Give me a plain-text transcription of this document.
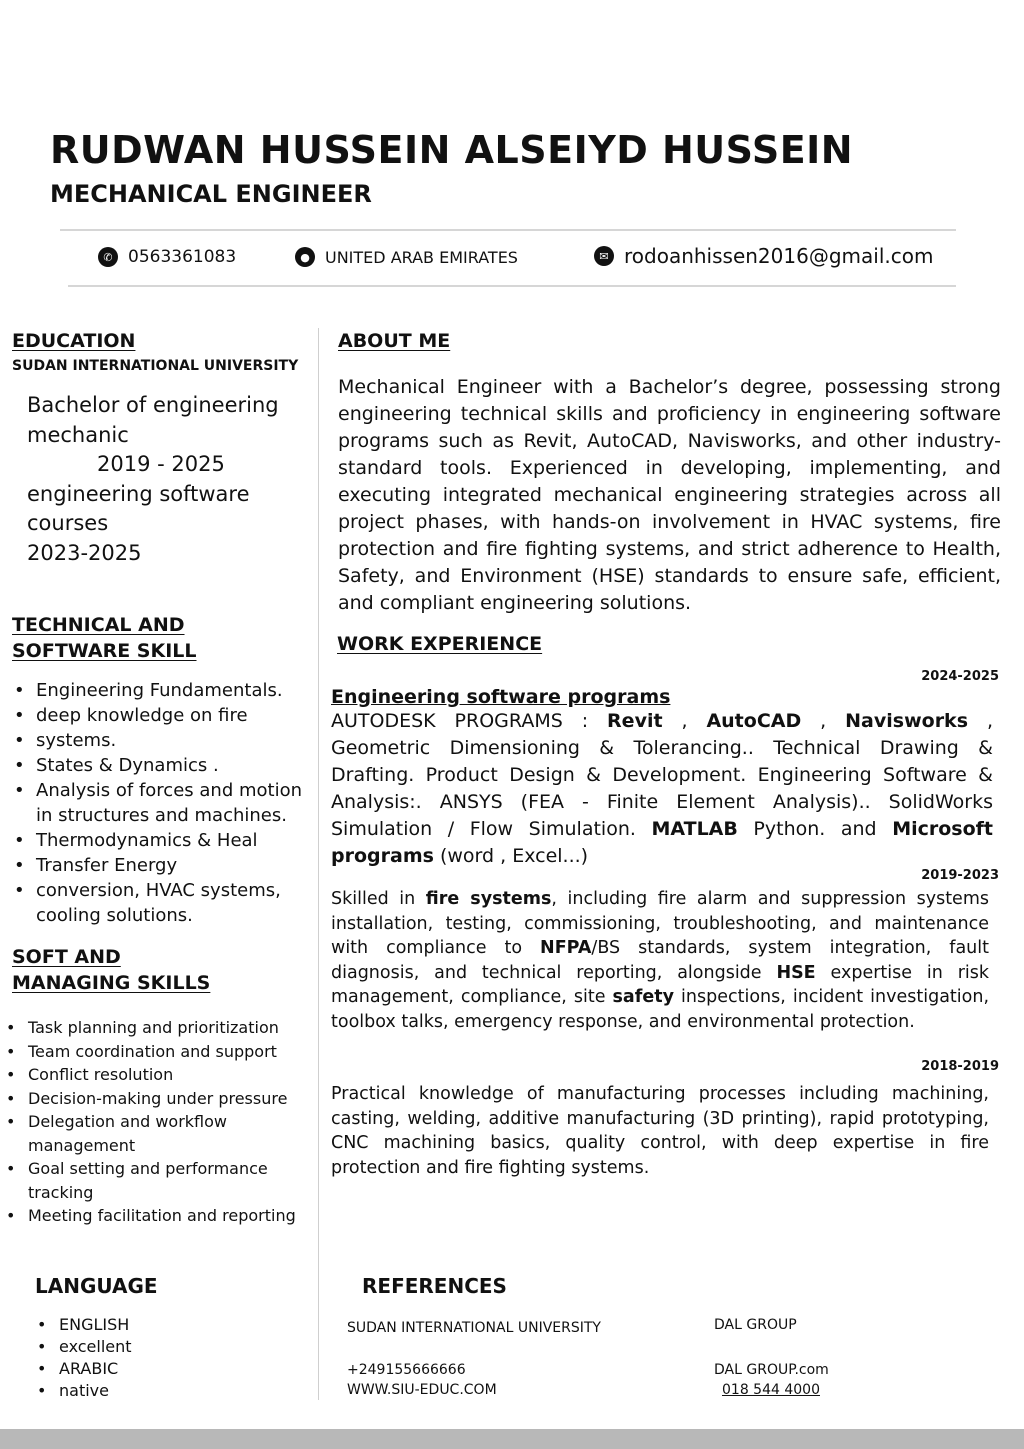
RUDWAN HUSSEIN ALSEIYD HUSSEIN
MECHANICAL ENGINEER
✆ 0563361083	● UNITED ARAB EMIRATES	✉ rodoanhissen2016@gmail.com
EDUCATION
SUDAN INTERNATIONAL UNIVERSITY
Bachelor of engineering
mechanic
2019 - 2025
engineering software
courses
2023-2025
TECHNICAL AND
SOFTWARE SKILL
• Engineering Fundamentals.
• deep knowledge on fire
• systems.
• States & Dynamics .
• Analysis of forces and motion in structures and machines.
• Thermodynamics & Heal
• Transfer Energy
• conversion, HVAC systems, cooling solutions.
SOFT AND
MANAGING SKILLS
• Task planning and prioritization
• Team coordination and support
• Conflict resolution
• Decision-making under pressure
• Delegation and workflow management
• Goal setting and performance tracking
• Meeting facilitation and reporting
LANGUAGE
• ENGLISH
• excellent
• ARABIC
• native
ABOUT ME
Mechanical Engineer with a Bachelor’s degree, possessing strong engineering technical skills and proficiency in engineering software programs such as Revit, AutoCAD, Navisworks, and other industry-standard tools. Experienced in developing, implementing, and executing integrated mechanical engineering strategies across all project phases, with hands-on involvement in HVAC systems, fire protection and fire fighting systems, and strict adherence to Health, Safety, and Environment (HSE) standards to ensure safe, efficient, and compliant engineering solutions.
WORK EXPERIENCE
2024-2025
Engineering software programs
AUTODESK PROGRAMS : Revit , AutoCAD , Navisworks , Geometric Dimensioning & Tolerancing.. Technical Drawing & Drafting. Product Design & Development. Engineering Software & Analysis:. ANSYS (FEA - Finite Element Analysis).. SolidWorks Simulation / Flow Simulation. MATLAB Python. and Microsoft programs (word , Excel...)
2019-2023
Skilled in fire systems, including fire alarm and suppression systems installation, testing, commissioning, troubleshooting, and maintenance with compliance to NFPA/BS standards, system integration, fault diagnosis, and technical reporting, alongside HSE expertise in risk management, compliance, site safety inspections, incident investigation, toolbox talks, emergency response, and environmental protection.
2018-2019
Practical knowledge of manufacturing processes including machining, casting, welding, additive manufacturing (3D printing), rapid prototyping, CNC machining basics, quality control, with deep expertise in fire protection and fire fighting systems.
REFERENCES
SUDAN INTERNATIONAL UNIVERSITY
+249155666666
WWW.SIU-EDUC.COM
DAL GROUP
DAL GROUP.com
018 544 4000
